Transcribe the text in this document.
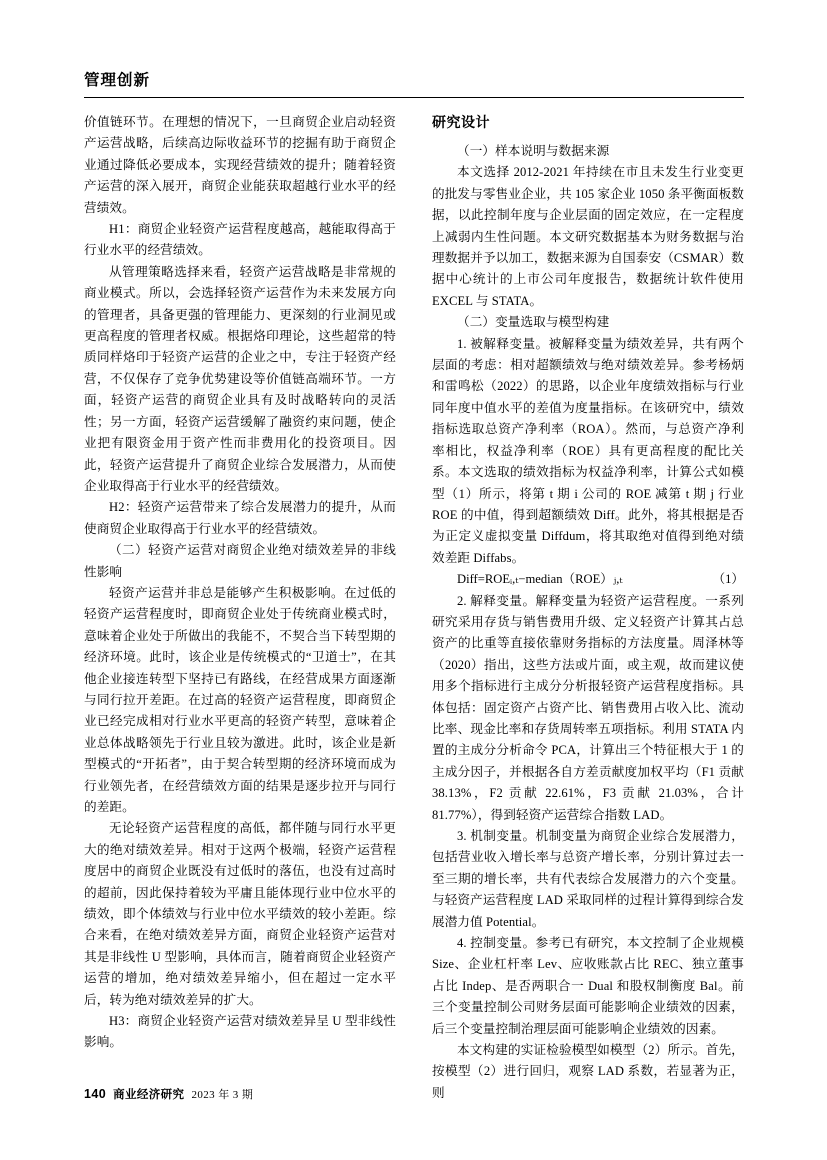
管理创新

价值链环节。在理想的情况下，一旦商贸企业启动轻资产运营战略，后续高边际收益环节的挖掘有助于商贸企业通过降低必要成本，实现经营绩效的提升；随着轻资产运营的深入展开，商贸企业能获取超越行业水平的经营绩效。

H1：商贸企业轻资产运营程度越高，越能取得高于行业水平的经营绩效。

从管理策略选择来看，轻资产运营战略是非常规的商业模式。所以，会选择轻资产运营作为未来发展方向的管理者，具备更强的管理能力、更深刻的行业洞见或更高程度的管理者权威。根据烙印理论，这些超常的特质同样烙印于轻资产运营的企业之中，专注于轻资产经营，不仅保存了竞争优势建设等价值链高端环节。一方面，轻资产运营的商贸企业具有及时战略转向的灵活性；另一方面，轻资产运营缓解了融资约束问题，使企业把有限资金用于资产性而非费用化的投资项目。因此，轻资产运营提升了商贸企业综合发展潜力，从而使企业取得高于行业水平的经营绩效。

H2：轻资产运营带来了综合发展潜力的提升，从而使商贸企业取得高于行业水平的经营绩效。

（二）轻资产运营对商贸企业绝对绩效差异的非线性影响

轻资产运营并非总是能够产生积极影响。在过低的轻资产运营程度时，即商贸企业处于传统商业模式时，意味着企业处于所做出的我能不，不契合当下转型期的经济环境。此时，该企业是传统模式的“卫道士”，在其他企业接连转型下坚持已有路线，在经营成果方面逐渐与同行拉开差距。在过高的轻资产运营程度，即商贸企业已经完成相对行业水平更高的轻资产转型，意味着企业总体战略领先于行业且较为激进。此时，该企业是新型模式的“开拓者”，由于契合转型期的经济环境而成为行业领先者，在经营绩效方面的结果是逐步拉开与同行的差距。

无论轻资产运营程度的高低，都伴随与同行水平更大的绝对绩效差异。相对于这两个极端，轻资产运营程度居中的商贸企业既没有过低时的落伍，也没有过高时的超前，因此保持着较为平庸且能体现行业中位水平的绩效，即个体绩效与行业中位水平绩效的较小差距。综合来看，在绝对绩效差异方面，商贸企业轻资产运营对其是非线性 U 型影响，具体而言，随着商贸企业轻资产运营的增加，绝对绩效差异缩小，但在超过一定水平后，转为绝对绩效差异的扩大。

H3：商贸企业轻资产运营对绩效差异呈 U 型非线性影响。

研究设计

（一）样本说明与数据来源

本文选择 2012-2021 年持续在市且未发生行业变更的批发与零售业企业，共 105 家企业 1050 条平衡面板数据，以此控制年度与企业层面的固定效应，在一定程度上减弱内生性问题。本文研究数据基本为财务数据与治理数据并予以加工，数据来源为自国泰安（CSMAR）数据中心统计的上市公司年度报告，数据统计软件使用 EXCEL 与 STATA。

（二）变量选取与模型构建

1. 被解释变量。被解释变量为绩效差异，共有两个层面的考虑：相对超额绩效与绝对绩效差异。参考杨炳和雷鸣松（2022）的思路，以企业年度绩效指标与行业同年度中值水平的差值为度量指标。在该研究中，绩效指标选取总资产净利率（ROA）。然而，与总资产净利率相比，权益净利率（ROE）具有更高程度的配比关系。本文选取的绩效指标为权益净利率，计算公式如模型（1）所示，将第 t 期 i 公司的 ROE 减第 t 期 j 行业 ROE 的中值，得到超额绩效 Diff。此外，将其根据是否为正定义虚拟变量 Diffdum，将其取绝对值得到绝对绩效差距 Diffabs。

Diff=ROEᵢ,ₜ−median（ROE）ⱼ,ₜ	（1）

2. 解释变量。解释变量为轻资产运营程度。一系列研究采用存货与销售费用升级、定义轻资产计算其占总资产的比重等直接依靠财务指标的方法度量。周泽林等（2020）指出，这些方法或片面，或主观，故而建议使用多个指标进行主成分分析报轻资产运营程度指标。具体包括：固定资产占资产比、销售费用占收入比、流动比率、现金比率和存货周转率五项指标。利用 STATA 内置的主成分分析命令 PCA，计算出三个特征根大于 1 的主成分因子，并根据各自方差贡献度加权平均（F1 贡献 38.13%，F2 贡献 22.61%，F3 贡献 21.03%，合计 81.77%），得到轻资产运营综合指数 LAD。

3. 机制变量。机制变量为商贸企业综合发展潜力，包括营业收入增长率与总资产增长率，分别计算过去一至三期的增长率，共有代表综合发展潜力的六个变量。与轻资产运营程度 LAD 采取同样的过程计算得到综合发展潜力值 Potential。

4. 控制变量。参考已有研究，本文控制了企业规模 Size、企业杠杆率 Lev、应收账款占比 REC、独立董事占比 Indep、是否两职合一 Dual 和股权制衡度 Bal。前三个变量控制公司财务层面可能影响企业绩效的因素，后三个变量控制治理层面可能影响企业绩效的因素。

本文构建的实证检验模型如模型（2）所示。首先，按模型（2）进行回归，观察 LAD 系数，若显著为正，则

140 商业经济研究 2023 年 3 期
